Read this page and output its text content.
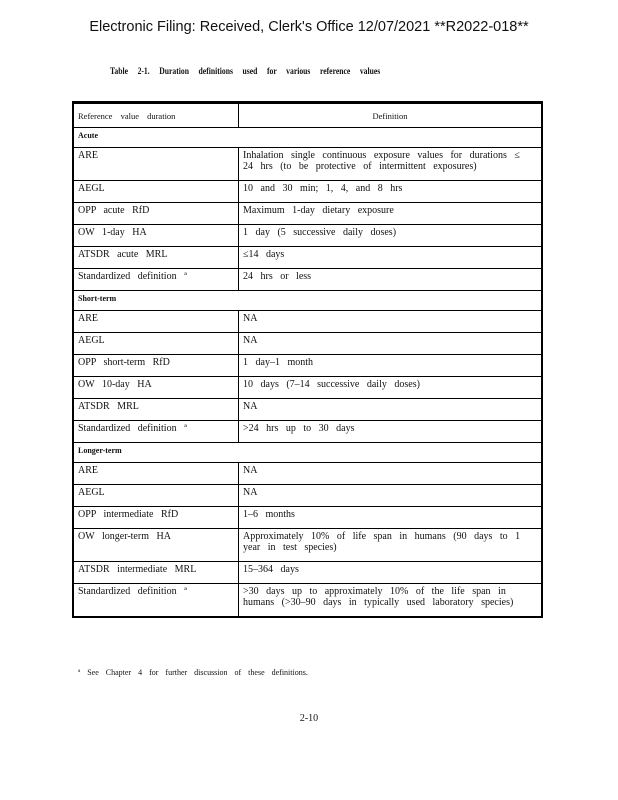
Electronic Filing: Received, Clerk's Office 12/07/2021 **R2022-018**
Table 2-1. Duration definitions used for various reference values
Reference value duration	Definition
Acute	
ARE	Inhalation single continuous exposure values for durations ≤ 24 hrs (to be protective of intermittent exposures)
AEGL	10 and 30 min; 1, 4, and 8 hrs
OPP acute RfD	Maximum 1-day dietary exposure
OW 1-day HA	1 day (5 successive daily doses)
ATSDR acute MRL	≤14 days
Standardized definition ª	24 hrs or less
Short-term	
ARE	NA
AEGL	NA
OPP short-term RfD	1 day–1 month
OW 10-day HA	10 days (7–14 successive daily doses)
ATSDR MRL	NA
Standardized definition ª	>24 hrs up to 30 days
Longer-term	
ARE	NA
AEGL	NA
OPP intermediate RfD	1–6 months
OW longer-term HA	Approximately 10% of life span in humans (90 days to 1 year in test species)
ATSDR intermediate MRL	15–364 days
Standardized definition ª	>30 days up to approximately 10% of the life span in humans (>30–90 days in typically used laboratory species)
ª See Chapter 4 for further discussion of these definitions.
2-10
